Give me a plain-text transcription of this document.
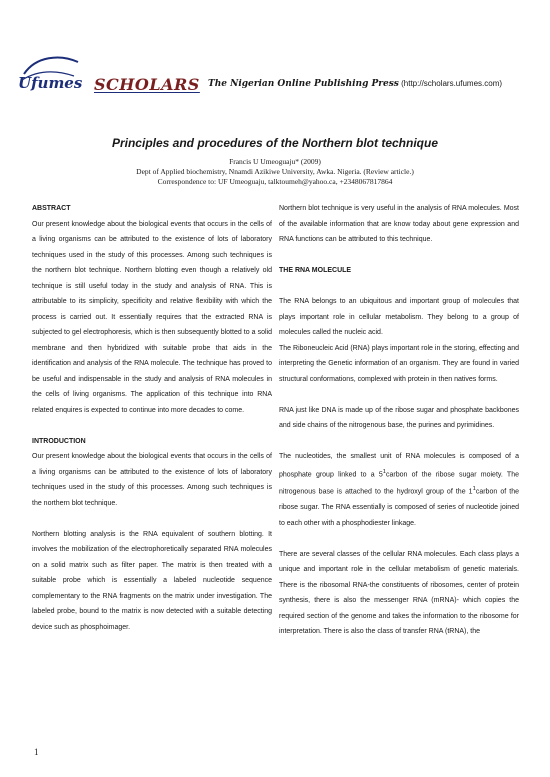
Ufumes SCHOLARS The Nigerian Online Publishing Press (http://scholars.ufumes.com)
Principles and procedures of the Northern blot technique
Francis U Umeoguaju* (2009)
Dept of Applied biochemistry, Nnamdi Azikiwe University, Awka. Nigeria. (Review article.)
Correspondence to: UF Umeoguaju, talktoumeh@yahoo.ca, +2348067817864
ABSTRACT

Our present knowledge about the biological events that occurs in the cells of a living organisms can be attributed to the existence of lots of laboratory techniques used in the study of this processes. Among such techniques is the northern blot technique. Northern blotting even though a relatively old technique is still useful today in the study and analysis of RNA. This is attributable to its simplicity, specificity and relative flexibility with which the process is carried out. It essentially requires that the extracted RNA is subjected to gel electrophoresis, which is then subsequently blotted to a solid membrane and then hybridized with suitable probe that aids in the identification and analysis of the RNA molecule. The technique has proved to be useful and indispensable in the study and analysis of RNA molecules in the cells of living organisms. The application of this technique into RNA related enquires is expected to continue into more decades to come.

INTRODUCTION

Our present knowledge about the biological events that occurs in the cells of a living organisms can be attributed to the existence of lots of laboratory techniques used in the study of this processes. Among such techniques is the northern blot technique.

Northern blotting analysis is the RNA equivalent of southern blotting. It involves the mobilization of the electrophoretically separated RNA molecules on a solid matrix such as filter paper. The matrix is then treated with a suitable probe which is essentially a labeled nucleotide sequence complementary to the RNA fragments on the matrix under investigation. The labeled probe, bound to the matrix is now detected with a suitable detecting device such as phosphoimager.

Northern blot technique is very useful in the analysis of RNA molecules. Most of the available information that are know today about gene expression and RNA functions can be attributed to this technique.

THE RNA MOLECULE

The RNA belongs to an ubiquitous and important group of molecules that plays important role in cellular metabolism. They belong to a group of molecules called the nucleic acid.

The Riboneucleic Acid (RNA) plays important role in the storing, effecting and interpreting the Genetic information of an organism. They are found in varied structural conformations, complexed with protein in then natives forms.

RNA just like DNA is made up of the ribose sugar and phosphate backbones and side chains of the nitrogenous base, the purines and pyrimidines.

The nucleotides, the smallest unit of RNA molecules is composed of a phosphate group linked to a $5^1carbon$ of the ribose sugar moiety. The nitrogenous base is attached to the hydroxyl group of the $1^1carbon$ of the ribose sugar. The RNA essentially is composed of series of nucleotide joined to each other with a phosphodiester linkage.

There are several classes of the cellular RNA molecules. Each class plays a unique and important role in the cellular metabolism of genetic materials. There is the ribosomal RNA-the constituents of ribosomes, center of protein synthesis, there is also the messenger RNA (mRNA)- which copies the required section of the genome and takes the information to the ribosome for interpretation. There is also the class of transfer RNA (tRNA), the

1
